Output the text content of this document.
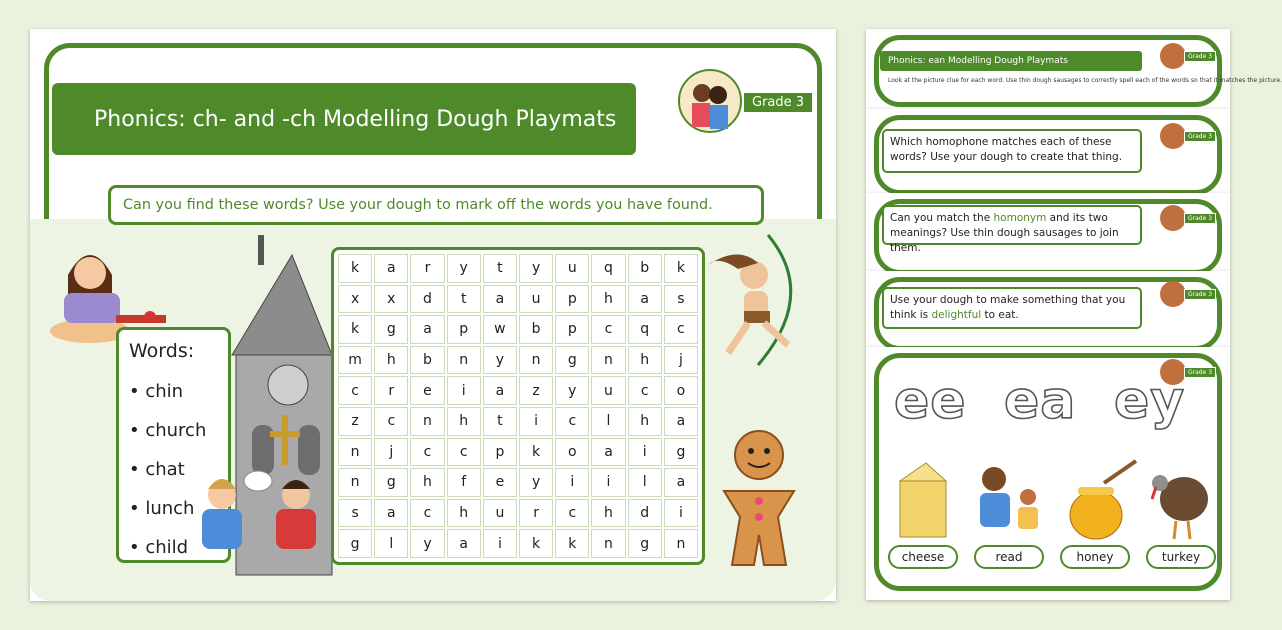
Phonics: ch- and -ch Modelling Dough Playmats
Grade 3
Can you find these words? Use your dough to mark off the words you have found.
Words:
• chin
• church
• chat
• lunch
• child
k	a	r	y	t	y	u	q	b	k
x	x	d	t	a	u	p	h	a	s
k	g	a	p	w	b	p	c	q	c
m	h	b	n	y	n	g	n	h	j
c	r	e	i	a	z	y	u	c	o
z	c	n	h	t	i	c	l	h	a
n	j	c	c	p	k	o	a	i	g
n	g	h	f	e	y	i	i	l	a
s	a	c	h	u	r	c	h	d	i
g	l	y	a	i	k	k	n	g	n
Phonics: ean Modelling Dough Playmats
Look at the picture clue for each word. Use thin dough sausages to correctly spell each of the words so that it matches the picture.
Grade 3
Which homophone matches each of these words? Use your dough to create that thing.
Grade 3
Can you match the homonym and its two meanings? Use thin dough sausages to join them.
Grade 3
Use your dough to make something that you think is delightful to eat.
Grade 3
Grade 3
ee ea ey
cheese	read	honey	turkey
